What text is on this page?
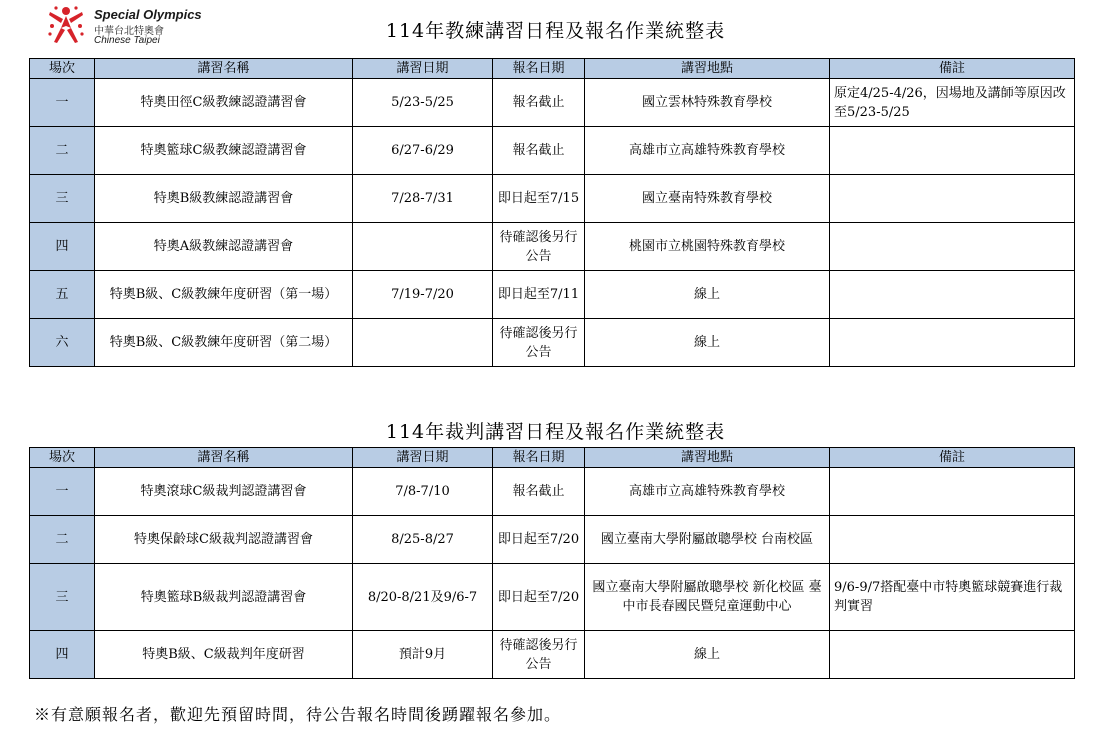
Special Olympics
中華台北特奧會
Chinese Taipei	114年教練講習日程及報名作業統整表
場次	講習名稱	講習日期	報名日期	講習地點	備註
一	特奧田徑C級教練認證講習會	5/23-5/25	報名截止	國立雲林特殊教育學校	原定4/25-4/26，因場地及講師等原因改至5/23-5/25
二	特奧籃球C級教練認證講習會	6/27-6/29	報名截止	高雄市立高雄特殊教育學校	
三	特奧B級教練認證講習會	7/28-7/31	即日起至7/15	國立臺南特殊教育學校	
四	特奧A級教練認證講習會		待確認後另行公告	桃園市立桃園特殊教育學校	
五	特奧B級、C級教練年度研習（第一場）	7/19-7/20	即日起至7/11	線上	
六	特奧B級、C級教練年度研習（第二場）		待確認後另行公告	線上	
114年裁判講習日程及報名作業統整表
場次	講習名稱	講習日期	報名日期	講習地點	備註
一	特奧滾球C級裁判認證講習會	7/8-7/10	報名截止	高雄市立高雄特殊教育學校	
二	特奧保齡球C級裁判認證講習會	8/25-8/27	即日起至7/20	國立臺南大學附屬啟聰學校 台南校區	
三	特奧籃球B級裁判認證講習會	8/20-8/21及9/6-7	即日起至7/20	國立臺南大學附屬啟聰學校 新化校區 臺中市長春國民暨兒童運動中心	9/6-9/7搭配臺中市特奧籃球競賽進行裁判實習
四	特奧B級、C級裁判年度研習	預計9月	待確認後另行公告	線上	
※有意願報名者，歡迎先預留時間，待公告報名時間後踴躍報名參加。
